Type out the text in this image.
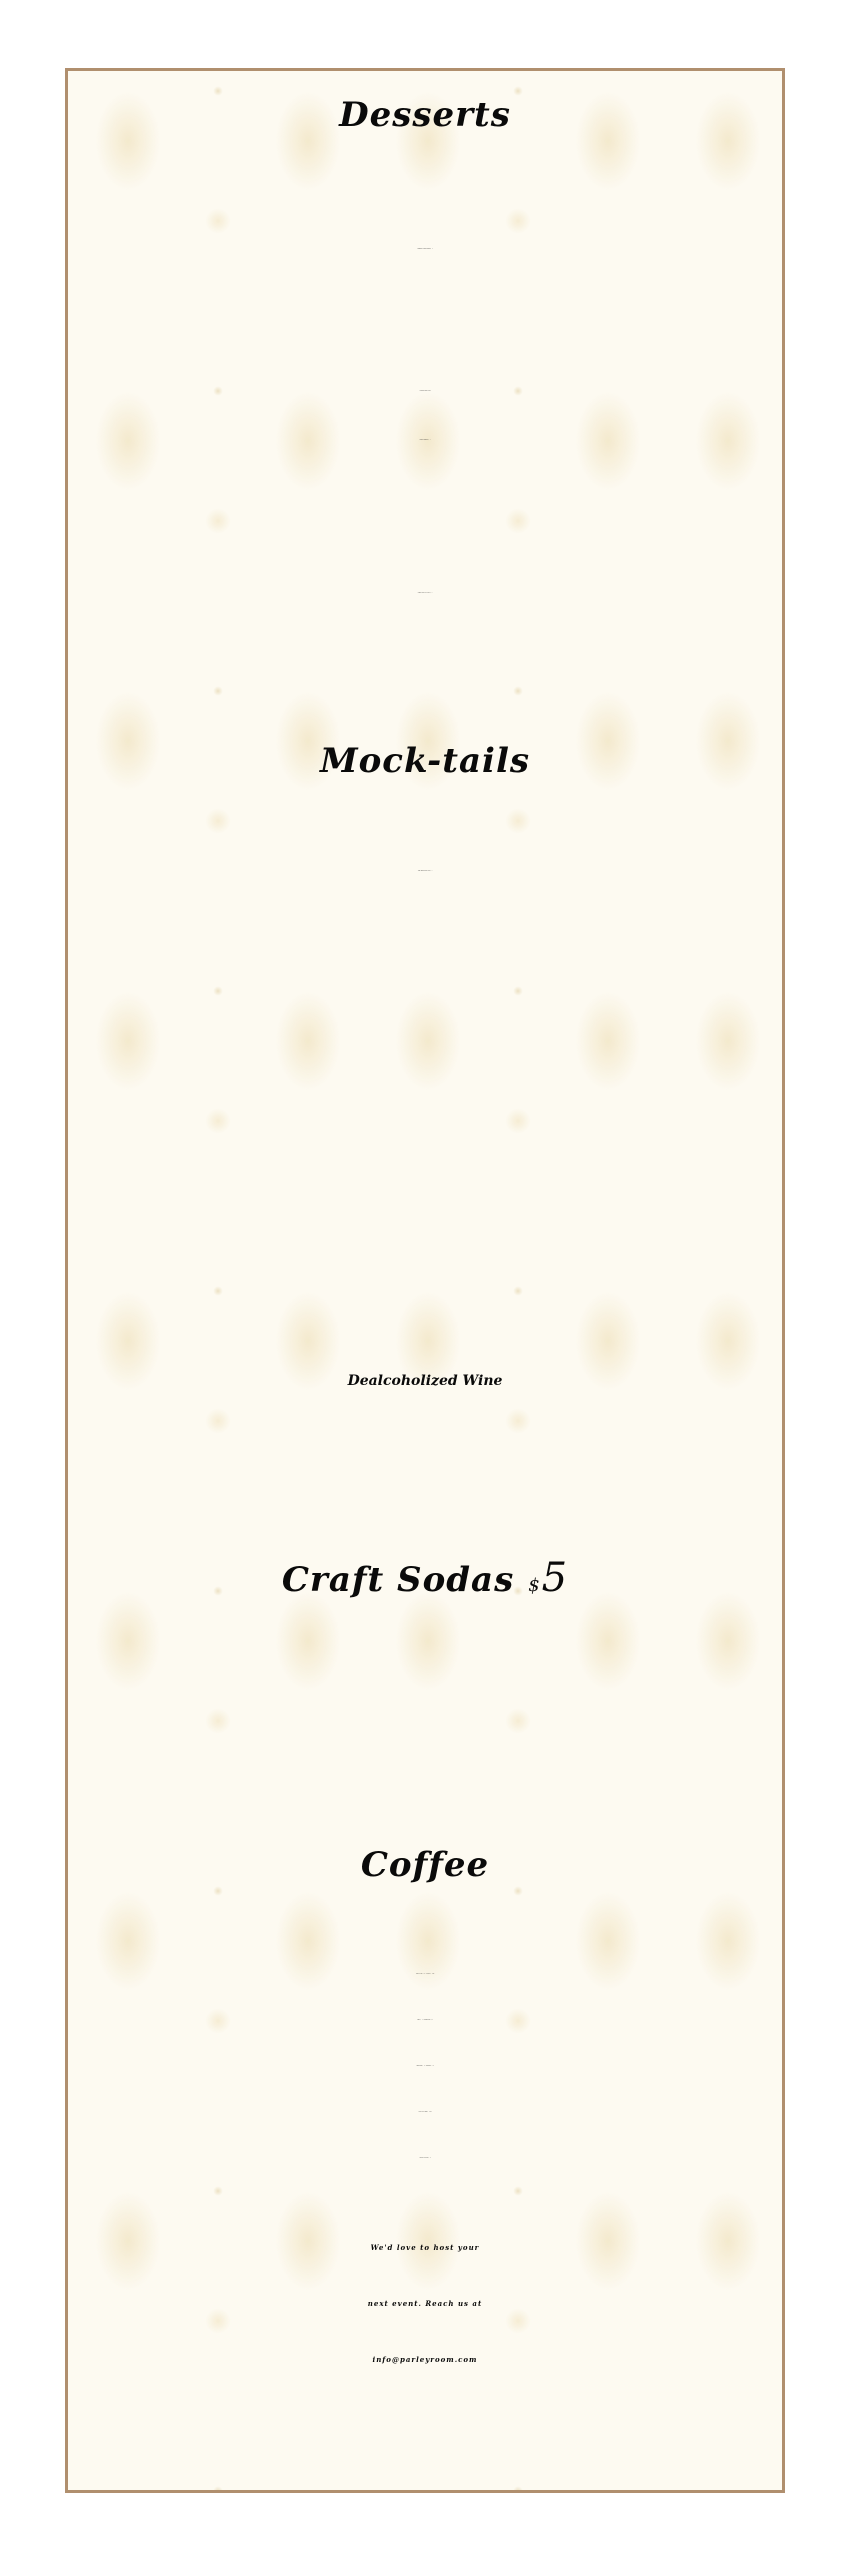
Desserts
Ultimate Creme Brulée 7
Carlson's Bear Claw
Bread Pudding 7
Lemon Olive Oil Cake 7
Mock-tails
Amazonian River Flip 7
Dealcoholized Wine
Craft Sodas $5
Coffee
Hot or Iced 2 - Mocha 4.50
Latte 4 - Cappuccino 4
Americana 3 - Espresso 3
Earl Grey Latte 4.50
Hot or Iced Tea 2
We'd love to host your
next event. Reach us at
info@parleyroom.com
